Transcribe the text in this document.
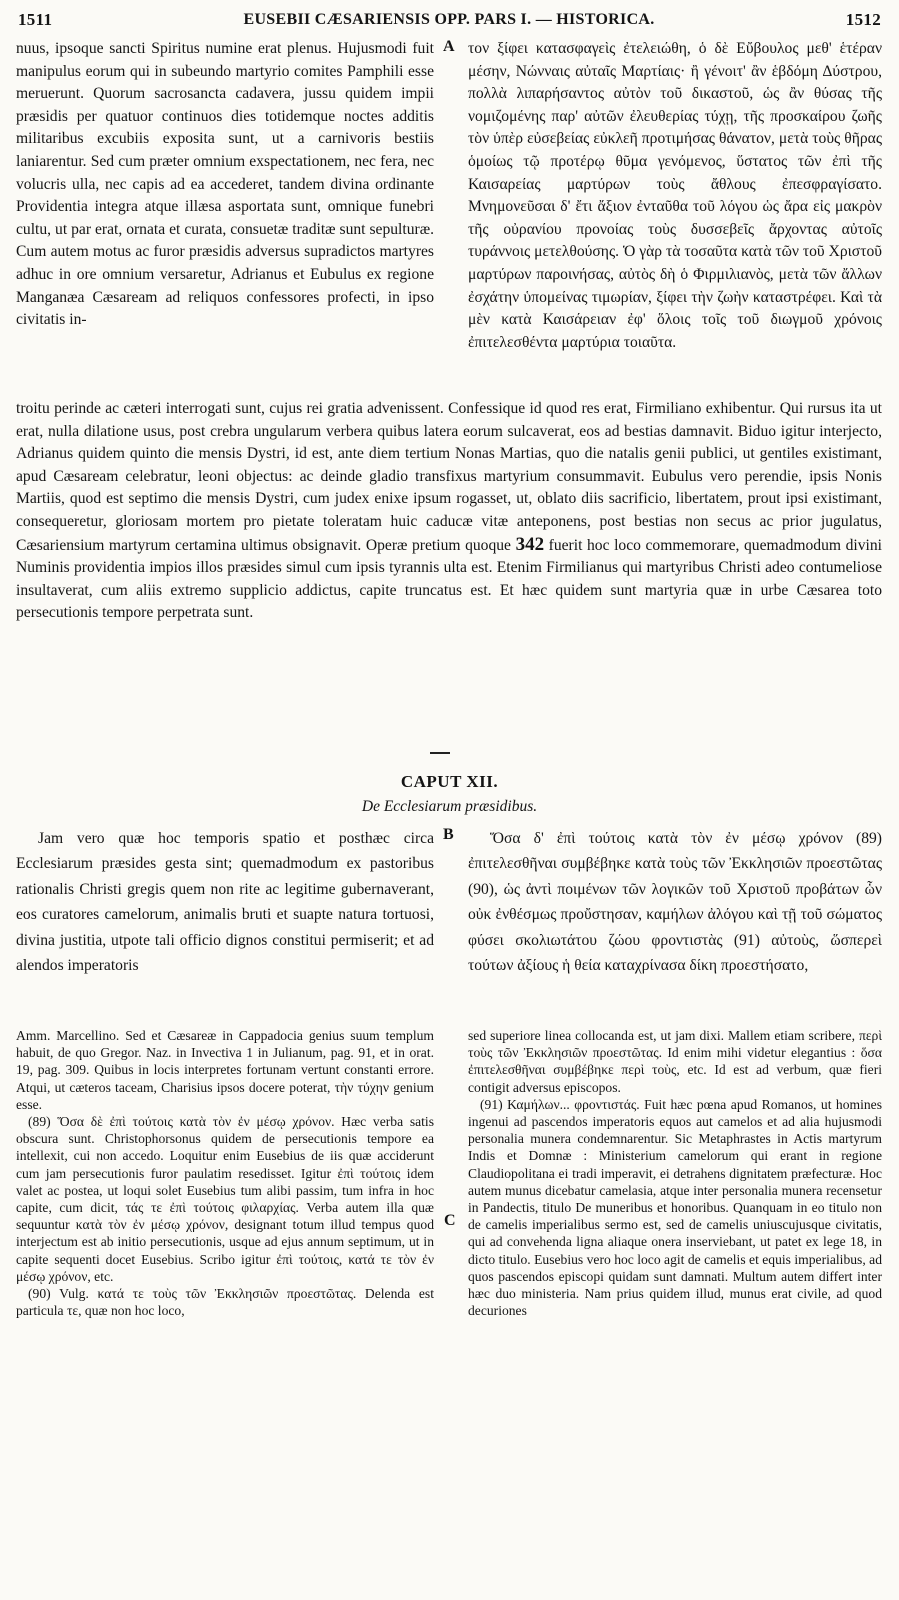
1511	EUSEBII CÆSARIENSIS OPP. PARS I. — HISTORICA.	1512

nuus, ipsoque sancti Spiritus numine erat plenus. Hujusmodi fuit manipulus eorum qui in subeundo martyrio comites Pamphili esse meruerunt. Quorum sacrosancta cadavera, jussu quidem impii præsidis per quatuor continuos dies totidemque noctes additis militaribus excubiis exposita sunt, ut a carnivoris bestiis laniarentur. Sed cum præter omnium exspectationem, nec fera, nec volucris ulla, nec capis ad ea accederet, tandem divina ordinante Providentia integra atque illæsa asportata sunt, omnique funebri cultu, ut par erat, ornata et curata, consuetæ traditæ sunt sepulturæ. Cum autem motus ac furor præsidis adversus supradictos martyres adhuc in ore omnium versaretur, Adrianus et Eubulus ex regione Manganæa Cæsaream ad reliquos confessores profecti, in ipso civitatis in-

A τον ξίφει κατασφαγεὶς ἐτελειώθη, ὁ δὲ Εὔβουλος μεθ' ἑτέραν μέσην, Νώνναις αὐταῖς Μαρτίαις· ἢ γένοιτ' ἂν ἑβδόμη Δύστρου, πολλὰ λιπαρήσαντος αὐτὸν τοῦ δικαστοῦ, ὡς ἂν θύσας τῆς νομιζομένης παρ' αὐτῶν ἐλευθερίας τύχῃ, τῆς προσκαίρου ζωῆς τὸν ὑπὲρ εὐσεβείας εὐκλεῆ προτιμήσας θάνατον, μετὰ τοὺς θῆρας ὁμοίως τῷ προτέρῳ θῦμα γενόμενος, ὕστατος τῶν ἐπὶ τῆς Καισαρείας μαρτύρων τοὺς ἄθλους ἐπεσφραγίσατο. Μνημονεῦσαι δ' ἔτι ἄξιον ἐνταῦθα τοῦ λόγου ὡς ἄρα εἰς μακρὸν τῆς οὐρανίου προνοίας τοὺς δυσσεβεῖς ἄρχοντας αὐτοῖς τυράννοις μετελθούσης. Ὁ γὰρ τὰ τοσαῦτα κατὰ τῶν τοῦ Χριστοῦ μαρτύρων παροινήσας, αὐτὸς δὴ ὁ Φιρμιλιανὸς, μετὰ τῶν ἄλλων ἐσχάτην ὑπομείνας τιμωρίαν, ξίφει τὴν ζωὴν καταστρέφει. Καὶ τὰ μὲν κατὰ Καισάρειαν ἐφ' ὅλοις τοῖς τοῦ διωγμοῦ χρόνοις ἐπιτελεσθέντα μαρτύρια τοιαῦτα.

troitu perinde ac cæteri interrogati sunt, cujus rei gratia advenissent. Confessique id quod res erat, Firmiliano exhibentur. Qui rursus ita ut erat, nulla dilatione usus, post crebra ungularum verbera quibus latera eorum sulcaverat, eos ad bestias damnavit. Biduo igitur interjecto, Adrianus quidem quinto die mensis Dystri, id est, ante diem tertium Nonas Martias, quo die natalis genii publici, ut gentiles existimant, apud Cæsaream celebratur, leoni objectus: ac deinde gladio transfixus martyrium consummavit. Eubulus vero perendie, ipsis Nonis Martiis, quod est septimo die mensis Dystri, cum judex enixe ipsum rogasset, ut, oblato diis sacrificio, libertatem, prout ipsi existimant, consequeretur, gloriosam mortem pro pietate toleratam huic caducæ vitæ anteponens, post bestias non secus ac prior jugulatus, Cæsariensium martyrum certamina ultimus obsignavit. Operæ pretium quoque 342 fuerit hoc loco commemorare, quemadmodum divini Numinis providentia impios illos præsides simul cum ipsis tyrannis ulta est. Etenim Firmilianus qui martyribus Christi adeo contumeliose insultaverat, cum aliis extremo supplicio addictus, capite truncatus est. Et hæc quidem sunt martyria quæ in urbe Cæsarea toto persecutionis tempore perpetrata sunt.

CAPUT XII.
De Ecclesiarum præsidibus.

Jam vero quæ hoc temporis spatio et posthæc circa Ecclesiarum præsides gesta sint; quemadmodum ex pastoribus rationalis Christi gregis quem non rite ac legitime gubernaverant, eos curatores camelorum, animalis bruti et suapte natura tortuosi, divina justitia, utpote tali officio dignos constitui permiserit; et ad alendos imperatoris

B	Ὅσα δ' ἐπὶ τούτοις κατὰ τὸν ἐν μέσῳ χρόνον (89) ἐπιτελεσθῆναι συμβέβηκε κατὰ τοὺς τῶν Ἐκκλησιῶν προεστῶτας (90), ὡς ἀντὶ ποιμένων τῶν λογικῶν τοῦ Χριστοῦ προβάτων ὧν οὐκ ἐνθέσμως προὔστησαν, καμήλων ἀλόγου καὶ τῇ τοῦ σώματος φύσει σκολιωτάτου ζώου φροντιστὰς (91) αὐτοὺς, ὥσπερεὶ τούτων ἀξίους ἡ θεία καταχρίνασα δίκη προεστήσατο,

Amm. Marcellino. Sed et Cæsareæ in Cappadocia genius suum templum habuit, de quo Gregor. Naz. in Invectiva 1 in Julianum, pag. 91, et in orat. 19, pag. 309. Quibus in locis interpretes fortunam vertunt constanti errore. Atqui, ut cæteros taceam, Charisius ipsos docere poterat, τὴν τύχην genium esse.

(89) Ὅσα δὲ ἐπὶ τούτοις κατὰ τὸν ἐν μέσῳ χρόνον. Hæc verba satis obscura sunt. Christophorsonus quidem de persecutionis tempore ea intellexit, cui non accedo. Loquitur enim Eusebius de iis quæ acciderunt cum jam persecutionis furor paulatim resedisset. Igitur ἐπὶ τούτοις idem valet ac postea, ut loqui solet Eusebius tum alibi passim, tum infra in hoc capite, cum dicit, τάς τε ἐπὶ τούτοις φιλαρχίας. Verba autem illa quæ sequuntur κατὰ τὸν ἐν μέσῳ χρόνον, designant totum illud tempus quod interjectum est ab initio persecutionis, usque ad ejus annum septimum, ut in capite sequenti docet Eusebius. Scribo igitur ἐπὶ τούτοις, κατά τε τὸν ἐν μέσῳ χρόνον, etc.

(90) Vulg. κατά τε τοὺς τῶν Ἐκκλησιῶν προεστῶτας. Delenda est particula τε, quæ non hoc loco,

C

sed superiore linea collocanda est, ut jam dixi. Mallem etiam scribere, περὶ τοὺς τῶν Ἐκκλησιῶν προεστῶτας. Id enim mihi videtur elegantius : ὅσα ἐπιτελεσθῆναι συμβέβηκε περὶ τοὺς, etc. Id est ad verbum, quæ fieri contigit adversus episcopos.

(91) Καμήλων... φροντιστάς. Fuit hæc pœna apud Romanos, ut homines ingenui ad pascendos imperatoris equos aut camelos et ad alia hujusmodi personalia munera condemnarentur. Sic Metaphrastes in Actis martyrum Indis et Domnæ : Ministerium camelorum qui erant in regione Claudiopolitana ei tradi imperavit, ei detrahens dignitatem præfecturæ. Hoc autem munus dicebatur camelasia, atque inter personalia munera recensetur in Pandectis, titulo De muneribus et honoribus. Quanquam in eo titulo non de camelis imperialibus sermo est, sed de camelis uniuscujusque civitatis, qui ad convehenda ligna aliaque onera inserviebant, ut patet ex lege 18, in dicto titulo. Eusebius vero hoc loco agit de camelis et equis imperialibus, ad quos pascendos episcopi quidam sunt damnati. Multum autem differt inter hæc duo ministeria. Nam prius quidem illud, munus erat civile, ad quod decuriones
